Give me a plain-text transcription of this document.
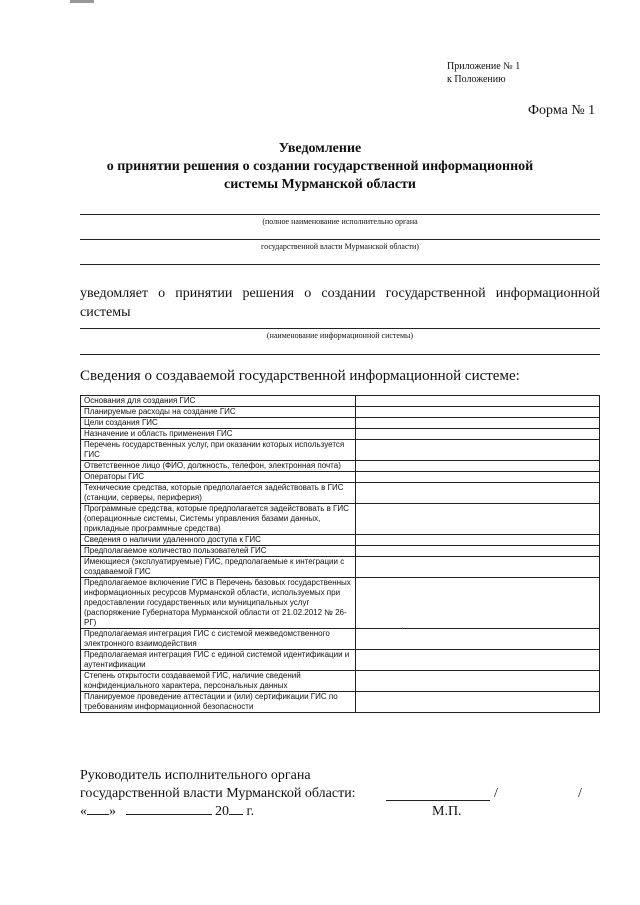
Приложение № 1
к Положению
Форма № 1
Уведомление
о принятии решения о создании государственной информационной
системы Мурманской области
(полное наименование исполнительно органа
государственной власти Мурманской области)
уведомляет о принятии решения о создании государственной информационной системы
(наименование информационной системы)
Сведения о создаваемой государственной информационной системе:
Основания для создания ГИС	
Планируемые расходы на создание ГИС	
Цели создания ГИС	
Назначение и область применения ГИС	
Перечень государственных услуг, при оказании которых используется ГИС	
Ответственное лицо (ФИО, должность, телефон, электронная почта)	
Операторы ГИС	
Технические средства, которые предполагается задействовать в ГИС (станции, серверы, периферия)	
Программные средства, которые предполагается задействовать в ГИС (операционные системы, Системы управления базами данных, прикладные программные средства)	
Сведения о наличии удаленного доступа к ГИС	
Предполагаемое количество пользователей ГИС	
Имеющиеся (эксплуатируемые) ГИС, предполагаемые к интеграции с создаваемой ГИС	
Предполагаемое включение ГИС в Перечень базовых государственных информационных ресурсов Мурманской области, используемых при предоставлении государственных или муниципальных услуг (распоряжение Губернатора Мурманской области от 21.02.2012 № 26-РГ)	
Предполагаемая интеграция ГИС с системой межведомственного электронного взаимодействия	
Предполагаемая интеграция ГИС с единой системой идентификации и аутентификации	
Степень открытости создаваемой ГИС, наличие сведений конфиденциального характера, персональных данных	
Планируемое проведение аттестации и (или) сертификации ГИС по требованиям информационной безопасности	
·
Руководитель исполнительного органа
государственной власти Мурманской области:	/	/
« »	20 г.	М.П.
